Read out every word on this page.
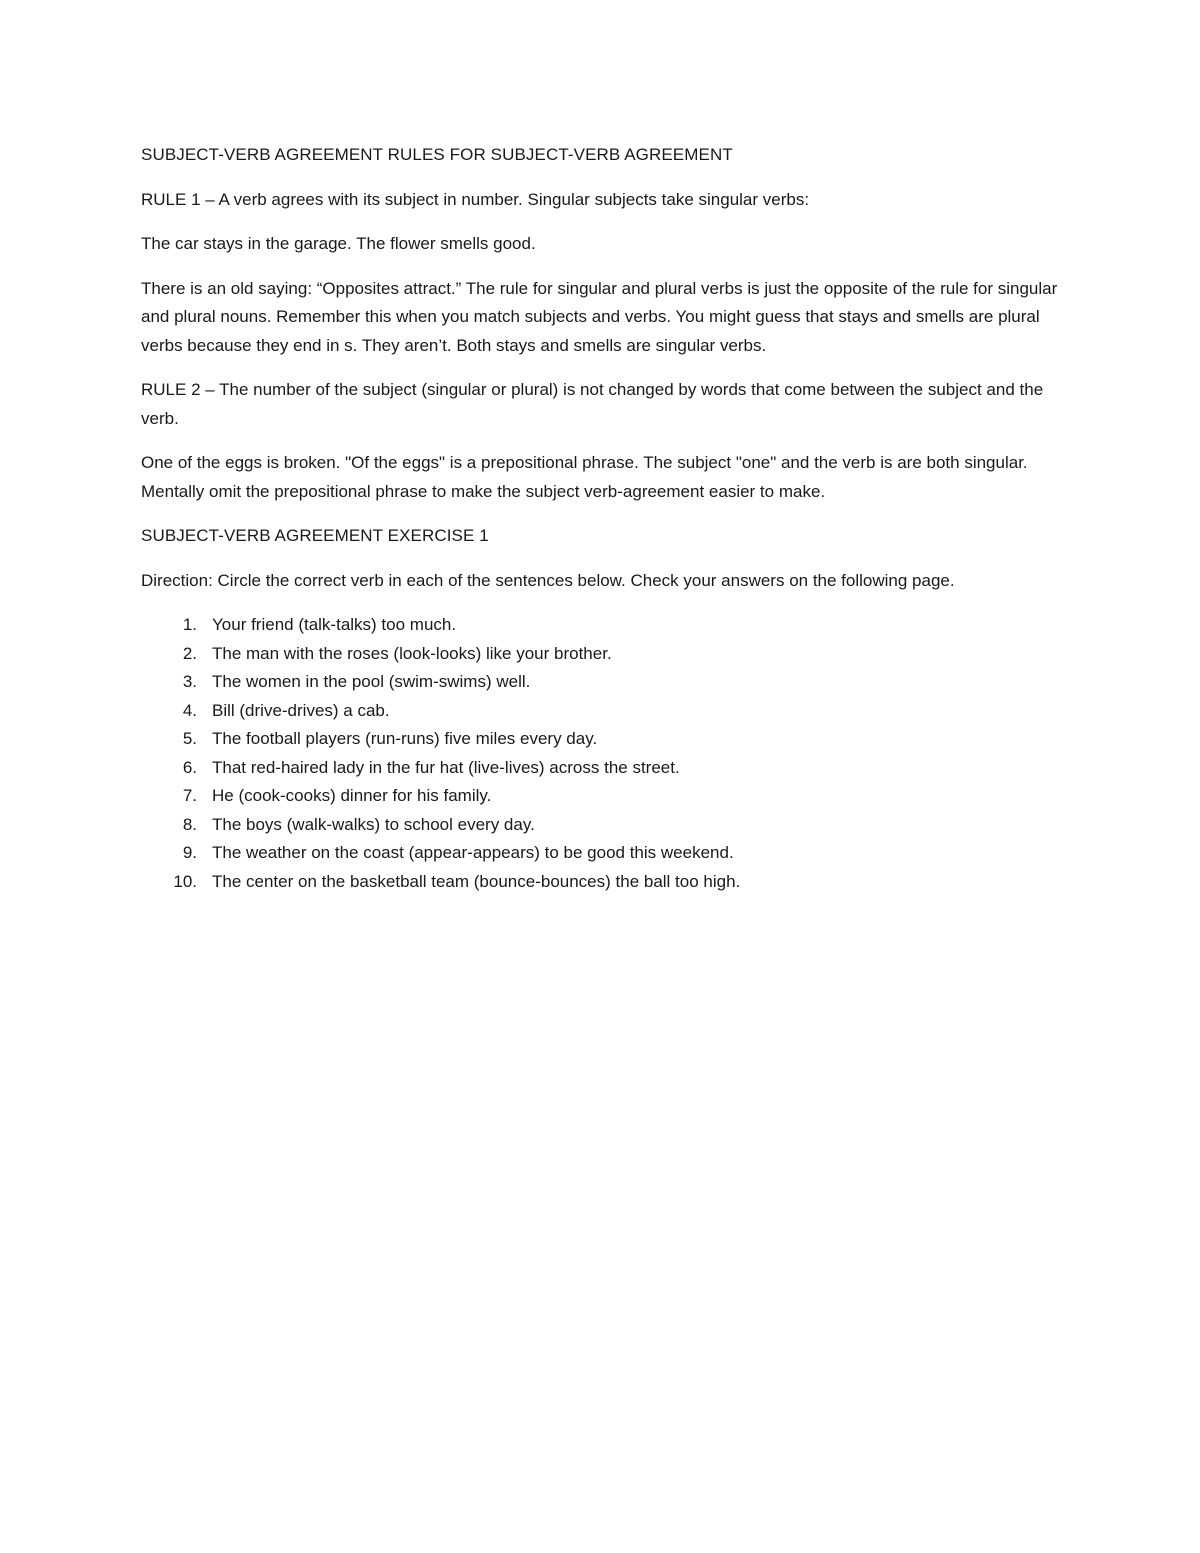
SUBJECT-VERB AGREEMENT RULES FOR SUBJECT-VERB AGREEMENT

RULE 1 – A verb agrees with its subject in number. Singular subjects take singular verbs:

The car stays in the garage. The flower smells good.

There is an old saying: “Opposites attract.” The rule for singular and plural verbs is just the opposite of the rule for singular and plural nouns. Remember this when you match subjects and verbs. You might guess that stays and smells are plural verbs because they end in s. They aren’t. Both stays and smells are singular verbs.

RULE 2 – The number of the subject (singular or plural) is not changed by words that come between the subject and the verb.

One of the eggs is broken. "Of the eggs" is a prepositional phrase. The subject "one" and the verb is are both singular. Mentally omit the prepositional phrase to make the subject verb-agreement easier to make.

SUBJECT-VERB AGREEMENT EXERCISE 1

Direction: Circle the correct verb in each of the sentences below. Check your answers on the following page.

1. Your friend (talk-talks) too much.
2. The man with the roses (look-looks) like your brother.
3. The women in the pool (swim-swims) well.
4. Bill (drive-drives) a cab.
5. The football players (run-runs) five miles every day.
6. That red-haired lady in the fur hat (live-lives) across the street.
7. He (cook-cooks) dinner for his family.
8. The boys (walk-walks) to school every day.
9. The weather on the coast (appear-appears) to be good this weekend.
10. The center on the basketball team (bounce-bounces) the ball too high.
